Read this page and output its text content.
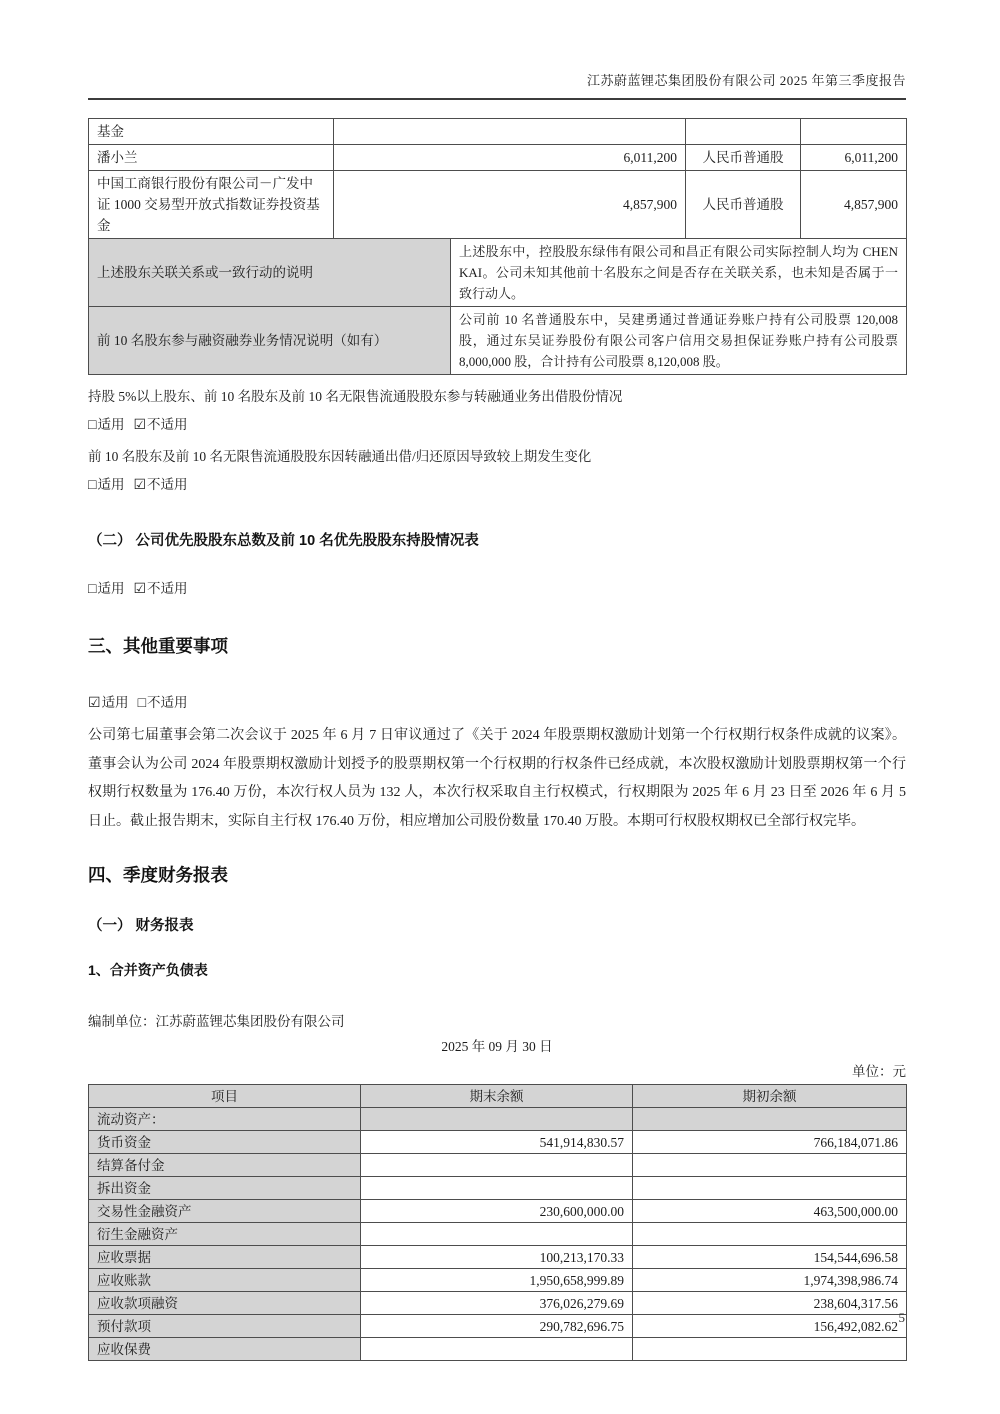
江苏蔚蓝锂芯集团股份有限公司 2025 年第三季度报告
基金				
潘小兰	6,011,200		人民币普通股	6,011,200
中国工商银行股份有限公司－广发中证 1000 交易型开放式指数证券投资基金	4,857,900		人民币普通股	4,857,900
上述股东关联关系或一致行动的说明		上述股东中，控股股东绿伟有限公司和昌正有限公司实际控制人均为 CHEN KAI。公司未知其他前十名股东之间是否存在关联关系，也未知是否属于一致行动人。		
前 10 名股东参与融资融券业务情况说明（如有）		公司前 10 名普通股东中，吴建勇通过普通证券账户持有公司股票 120,008 股，通过东吴证券股份有限公司客户信用交易担保证券账户持有公司股票 8,000,000 股，合计持有公司股票 8,120,008 股。		
持股 5%以上股东、前 10 名股东及前 10 名无限售流通股股东参与转融通业务出借股份情况
□适用 ☑不适用
前 10 名股东及前 10 名无限售流通股股东因转融通出借/归还原因导致较上期发生变化
□适用 ☑不适用
（二） 公司优先股股东总数及前 10 名优先股股东持股情况表
□适用 ☑不适用
三、其他重要事项
☑适用 □不适用
公司第七届董事会第二次会议于 2025 年 6 月 7 日审议通过了《关于 2024 年股票期权激励计划第一个行权期行权条件成就的议案》。董事会认为公司 2024 年股票期权激励计划授予的股票期权第一个行权期的行权条件已经成就，本次股权激励计划股票期权第一个行权期行权数量为 176.40 万份，本次行权人员为 132 人，本次行权采取自主行权模式，行权期限为 2025 年 6 月 23 日至 2026 年 6 月 5 日止。截止报告期末，实际自主行权 176.40 万份，相应增加公司股份数量 170.40 万股。本期可行权股权期权已全部行权完毕。
四、季度财务报表
（一） 财务报表
1、合并资产负债表
编制单位：江苏蔚蓝锂芯集团股份有限公司
2025 年 09 月 30 日
单位：元
项目	期末余额	期初余额
流动资产：		
货币资金	541,914,830.57	766,184,071.86
结算备付金		
拆出资金		
交易性金融资产	230,600,000.00	463,500,000.00
衍生金融资产		
应收票据	100,213,170.33	154,544,696.58
应收账款	1,950,658,999.89	1,974,398,986.74
应收款项融资	376,026,279.69	238,604,317.56
预付款项	290,782,696.75	156,492,082.62
应收保费		
5
